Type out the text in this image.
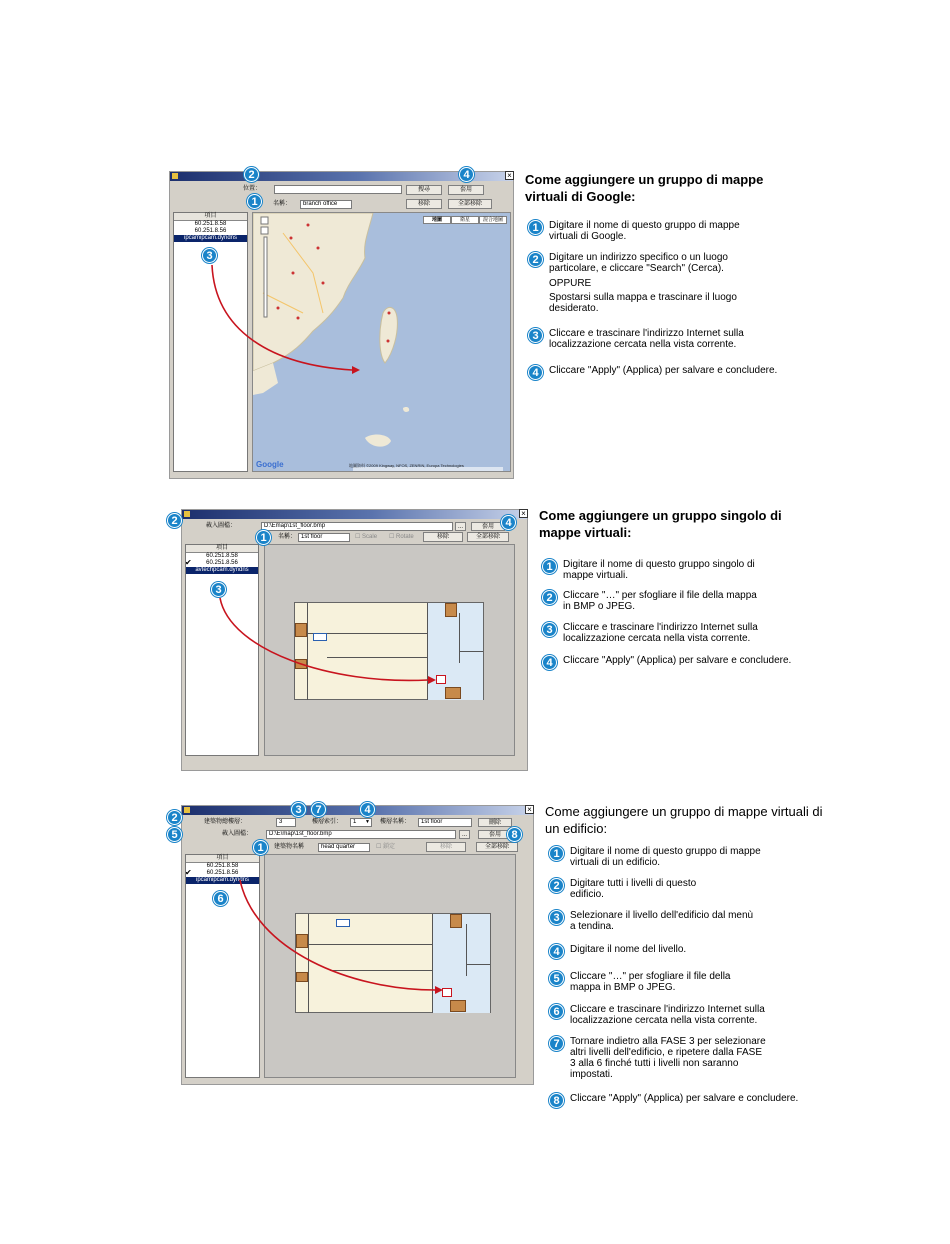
×
位置：	搜尋	套用
名稱：	branch office	移除	全部移除
項目
60.251.8.58
60.251.8.56
ipcamipcam.dyndns
地圖	衛星	混合地圖
Google	地圖資料 ©2009 Kingway, NFOS, ZENRIN, Europa Technologies
1
2
3
4	Come aggiungere un gruppo di mappe virtuali di Google:
1	Digitare il nome di questo gruppo di mappe virtuali di Google.
2	Digitare un indirizzo specifico o un luogo particolare, e cliccare "Search" (Cerca).
OPPURE
Spostarsi sulla mappa e trascinare il luogo desiderato.
3	Cliccare e trascinare l'indirizzo Internet sulla localizzazione cercata nella vista corrente.
4	Cliccare "Apply" (Applica) per salvare e concludere.
×
載入圖檔：	D:\Emap\1st_floor.bmp	...	套用
名稱： 1st floor	☐ Scale ☐ Rotate	移除	全部移除
項目
60.251.8.58
60.251.8.56
✔
avtechpcam.dyndns
1
2
3
4	Come aggiungere un gruppo singolo di mappe virtuali:
1	Digitare il nome di questo gruppo singolo di mappe virtuali.
2	Cliccare "…" per sfogliare il file della mappa in BMP o JPEG.
3	Cliccare e trascinare l'indirizzo Internet sulla localizzazione cercata nella vista corrente.
4	Cliccare "Apply" (Applica) per salvare e concludere.
×
建築物總樓層：	3	樓層索引：	1 ▼ 樓層名稱：	1st floor	刪除
載入圖檔：	D:\E\map\1st_floor.bmp	...	套用
建築物名稱	head quarter	☐ 鎖定	移除	全部移除
項目
60.251.8.58
60.251.8.56
✔
ipcamipcam.dyndns
2
3	7	4
5	8
1
6
Come aggiungere un gruppo di mappe virtuali di un edificio:
1	Digitare il nome di questo gruppo di mappe virtuali di un edificio.
2	Digitare tutti i livelli di questo edificio.
3	Selezionare il livello dell'edificio dal menù a tendina.
4	Digitare il nome del livello.
5	Cliccare "…" per sfogliare il file della mappa in BMP o JPEG.
6	Cliccare e trascinare l'indirizzo Internet sulla localizzazione cercata nella vista corrente.
7	Tornare indietro alla FASE 3 per selezionare altri livelli dell'edificio, e ripetere dalla FASE 3 alla 6 finché tutti i livelli non saranno impostati.
8	Cliccare "Apply" (Applica) per salvare e concludere.
